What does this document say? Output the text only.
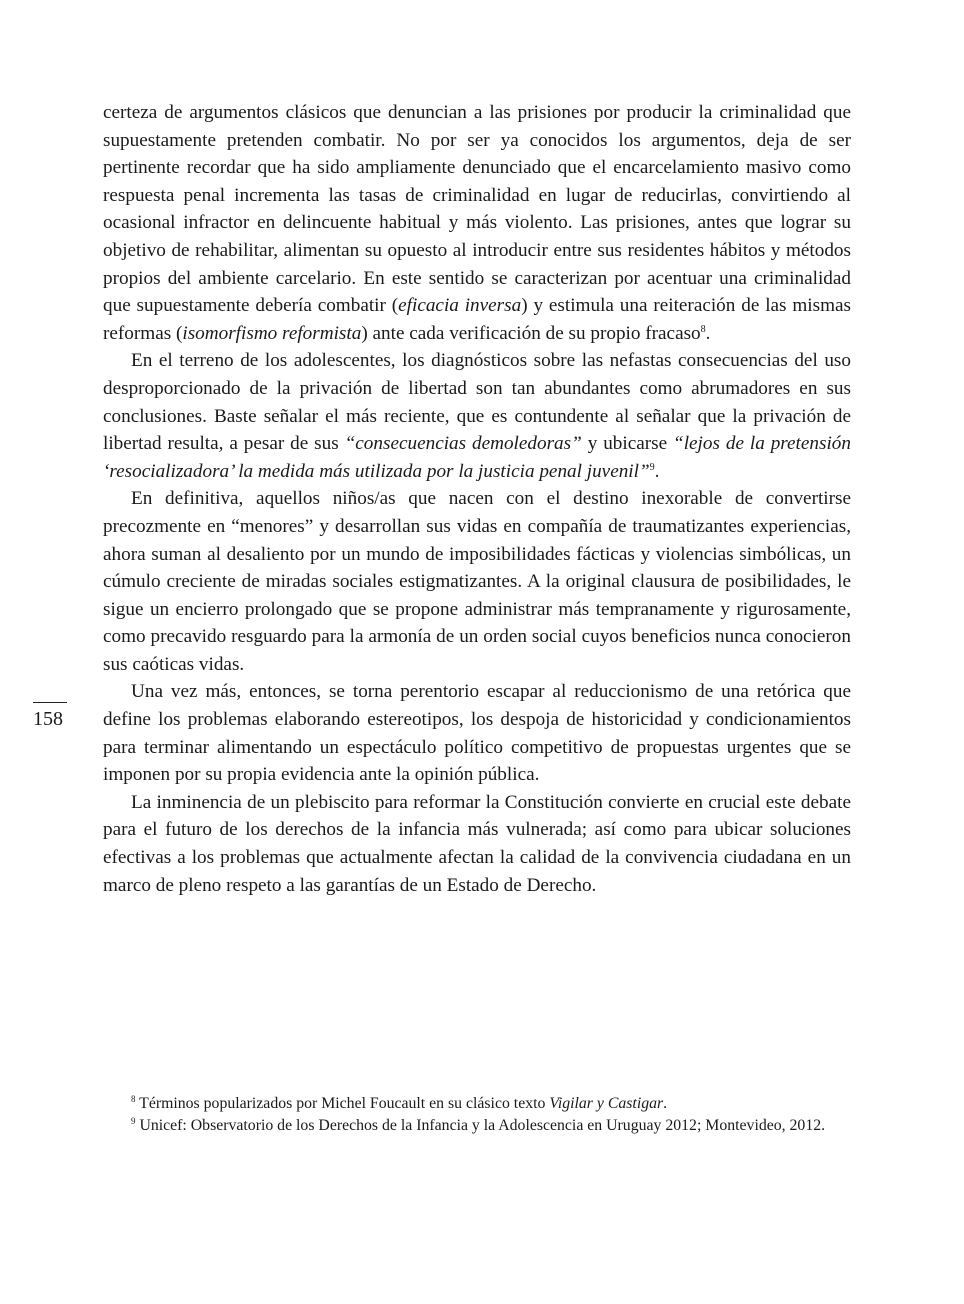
certeza de argumentos clásicos que denuncian a las prisiones por producir la criminalidad que supuestamente pretenden combatir. No por ser ya conocidos los argumentos, deja de ser pertinente recordar que ha sido ampliamente denunciado que el encarcelamiento masivo como respuesta penal incrementa las tasas de criminalidad en lugar de reducirlas, convirtiendo al ocasional infractor en delincuente habitual y más violento. Las prisiones, antes que lograr su objetivo de rehabilitar, alimentan su opuesto al introducir entre sus residentes hábitos y métodos propios del ambiente carcelario. En este sentido se caracterizan por acentuar una criminalidad que supuestamente debería combatir (eficacia inversa) y estimula una reiteración de las mismas reformas (isomorfismo reformista) ante cada verificación de su propio fracaso$^8$.

En el terreno de los adolescentes, los diagnósticos sobre las nefastas consecuencias del uso desproporcionado de la privación de libertad son tan abundantes como abrumadores en sus conclusiones. Baste señalar el más reciente, que es contundente al señalar que la privación de libertad resulta, a pesar de sus “consecuencias demoledoras” y ubicarse “lejos de la pretensión ‘resocializadora’ la medida más utilizada por la justicia penal juvenil”$^9$.

En definitiva, aquellos niños/as que nacen con el destino inexorable de convertirse precozmente en “menores” y desarrollan sus vidas en compañía de traumatizantes experiencias, ahora suman al desaliento por un mundo de imposibilidades fácticas y violencias simbólicas, un cúmulo creciente de miradas sociales estigmatizantes. A la original clausura de posibilidades, le sigue un encierro prolongado que se propone administrar más tempranamente y rigurosamente, como precavido resguardo para la armonía de un orden social cuyos beneficios nunca conocieron sus caóticas vidas.

Una vez más, entonces, se torna perentorio escapar al reduccionismo de una retórica que define los problemas elaborando estereotipos, los despoja de historicidad y condicionamientos para terminar alimentando un espectáculo político competitivo de propuestas urgentes que se imponen por su propia evidencia ante la opinión pública.

La inminencia de un plebiscito para reformar la Constitución convierte en crucial este debate para el futuro de los derechos de la infancia más vulnerada; así como para ubicar soluciones efectivas a los problemas que actualmente afectan la calidad de la convivencia ciudadana en un marco de pleno respeto a las garantías de un Estado de Derecho.

158

$^8$ Términos popularizados por Michel Foucault en su clásico texto Vigilar y Castigar.

$^9$ Unicef: Observatorio de los Derechos de la Infancia y la Adolescencia en Uruguay 2012; Montevideo, 2012.
